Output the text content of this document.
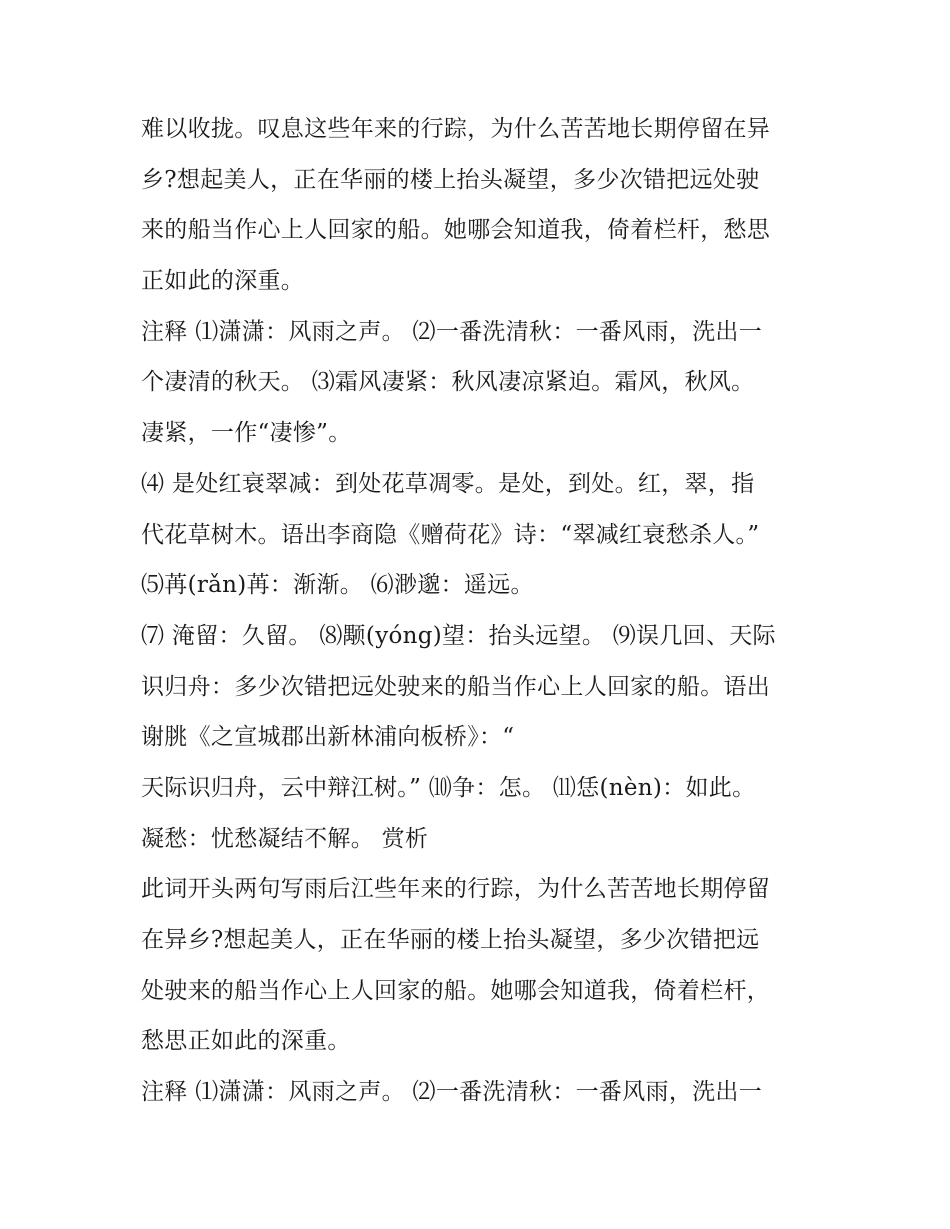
难以收拢。叹息这些年来的行踪，为什么苦苦地长期停留在异
乡?想起美人，正在华丽的楼上抬头凝望，多少次错把远处驶
来的船当作心上人回家的船。她哪会知道我，倚着栏杆，愁思
正如此的深重。
注释 ⑴潇潇：风雨之声。 ⑵一番洗清秋：一番风雨，洗出一
个凄清的秋天。 ⑶霜风凄紧：秋风凄凉紧迫。霜风，秋风。
凄紧，一作“凄惨”。
⑷ 是处红衰翠减：到处花草凋零。是处，到处。红，翠，指
代花草树木。语出李商隐《赠荷花》诗：“翠减红衰愁杀人。”
⑸苒(rǎn)苒：渐渐。 ⑹渺邈：遥远。
⑺ 淹留：久留。 ⑻颙(yóng)望：抬头远望。 ⑼误几回、天际
识归舟：多少次错把远处驶来的船当作心上人回家的船。语出
谢朓《之宣城郡出新林浦向板桥》：“
天际识归舟，云中辩江树。” ⑽争：怎。 ⑾恁(nèn)：如此。
凝愁：忧愁凝结不解。 赏析
此词开头两句写雨后江些年来的行踪，为什么苦苦地长期停留
在异乡?想起美人，正在华丽的楼上抬头凝望，多少次错把远
处驶来的船当作心上人回家的船。她哪会知道我，倚着栏杆，
愁思正如此的深重。
注释 ⑴潇潇：风雨之声。 ⑵一番洗清秋：一番风雨，洗出一
